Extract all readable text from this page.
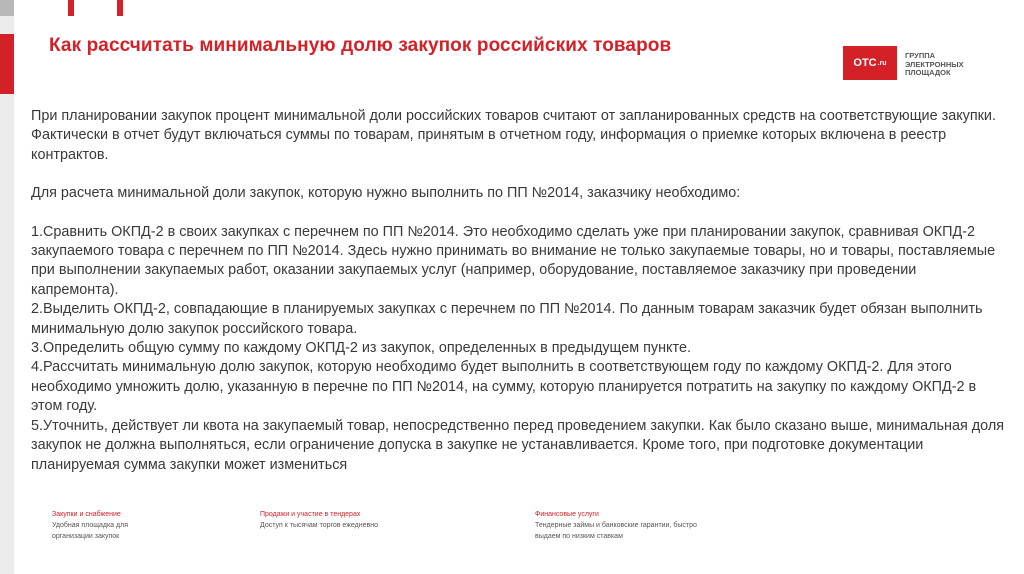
Как рассчитать минимальную долю закупок российских товаров
OTC .ru
ГРУППА
ЭЛЕКТРОННЫХ
ПЛОЩАДОК

При планировании закупок процент минимальной доли российских товаров считают от запланированных средств на соответствующие закупки. Фактически в отчет будут включаться суммы по товарам, принятым в отчетном году, информация о приемке которых включена в реестр контрактов.

Для расчета минимальной доли закупок, которую нужно выполнить по ПП №2014, заказчику необходимо:

1.Сравнить ОКПД-2 в своих закупках с перечнем по ПП №2014. Это необходимо сделать уже при планировании закупок, сравнивая ОКПД-2 закупаемого товара с перечнем по ПП №2014. Здесь нужно принимать во внимание не только закупаемые товары, но и товары, поставляемые при выполнении закупаемых работ, оказании закупаемых услуг (например, оборудование, поставляемое заказчику при проведении капремонта).

2.Выделить ОКПД-2, совпадающие в планируемых закупках с перечнем по ПП №2014. По данным товарам заказчик будет обязан выполнить минимальную долю закупок российского товара.

3.Определить общую сумму по каждому ОКПД-2 из закупок, определенных в предыдущем пункте.

4.Рассчитать минимальную долю закупок, которую необходимо будет выполнить в соответствующем году по каждому ОКПД-2. Для этого необходимо умножить долю, указанную в перечне по ПП №2014, на сумму, которую планируется потратить на закупку по каждому ОКПД-2 в этом году.

5.Уточнить, действует ли квота на закупаемый товар, непосредственно перед проведением закупки. Как было сказано выше, минимальная доля закупок не должна выполняться, если ограничение допуска в закупке не устанавливается. Кроме того, при подготовке документации планируемая сумма закупки может измениться

Закупки и снабжение
Удобная площадка для организации закупок
Продажи и участие в тендерах
Доступ к тысячам торгов ежедневно
Финансовые услуги
Тендерные займы и банковские гарантии, быстро выдаем по низким ставкам
